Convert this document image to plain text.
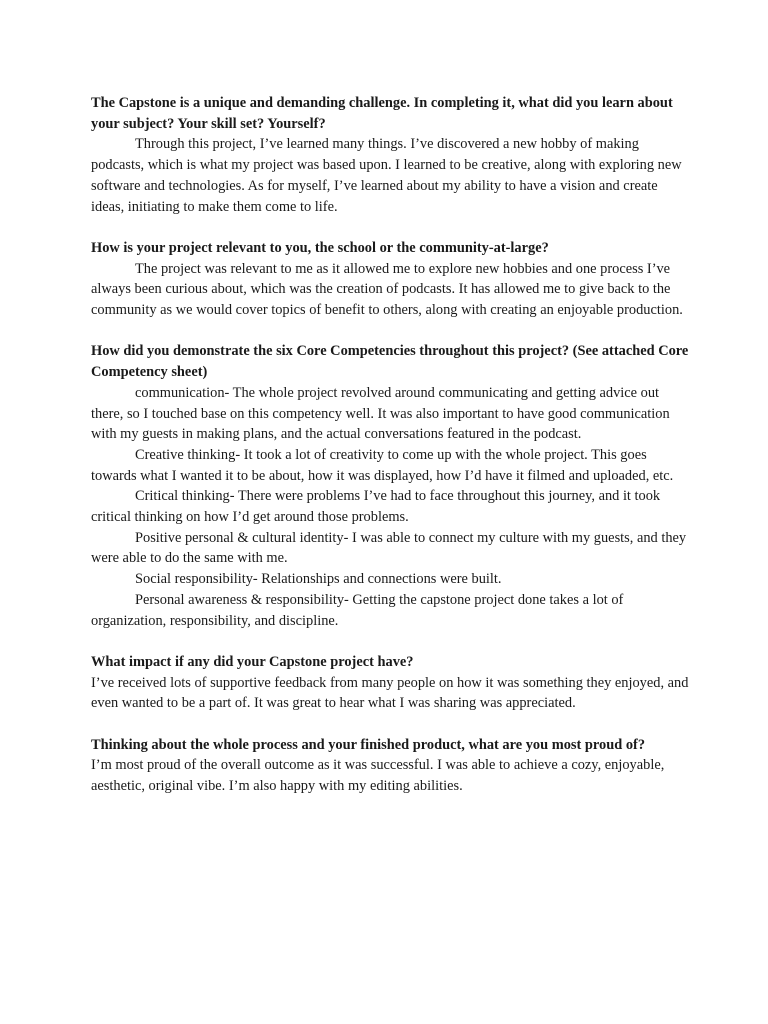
The Capstone is a unique and demanding challenge. In completing it, what did you learn about your subject? Your skill set? Yourself?

Through this project, I’ve learned many things. I’ve discovered a new hobby of making podcasts, which is what my project was based upon. I learned to be creative, along with exploring new software and technologies. As for myself, I’ve learned about my ability to have a vision and create ideas, initiating to make them come to life.

How is your project relevant to you, the school or the community-at-large?

The project was relevant to me as it allowed me to explore new hobbies and one process I’ve always been curious about, which was the creation of podcasts. It has allowed me to give back to the community as we would cover topics of benefit to others, along with creating an enjoyable production.

How did you demonstrate the six Core Competencies throughout this project? (See attached Core Competency sheet)

communication- The whole project revolved around communicating and getting advice out there, so I touched base on this competency well. It was also important to have good communication with my guests in making plans, and the actual conversations featured in the podcast.

Creative thinking- It took a lot of creativity to come up with the whole project. This goes towards what I wanted it to be about, how it was displayed, how I’d have it filmed and uploaded, etc.

Critical thinking- There were problems I’ve had to face throughout this journey, and it took critical thinking on how I’d get around those problems.

Positive personal & cultural identity- I was able to connect my culture with my guests, and they were able to do the same with me.

Social responsibility- Relationships and connections were built.

Personal awareness & responsibility- Getting the capstone project done takes a lot of organization, responsibility, and discipline.

What impact if any did your Capstone project have?

I’ve received lots of supportive feedback from many people on how it was something they enjoyed, and even wanted to be a part of. It was great to hear what I was sharing was appreciated.

Thinking about the whole process and your finished product, what are you most proud of?

I’m most proud of the overall outcome as it was successful. I was able to achieve a cozy, enjoyable, aesthetic, original vibe. I’m also happy with my editing abilities.
